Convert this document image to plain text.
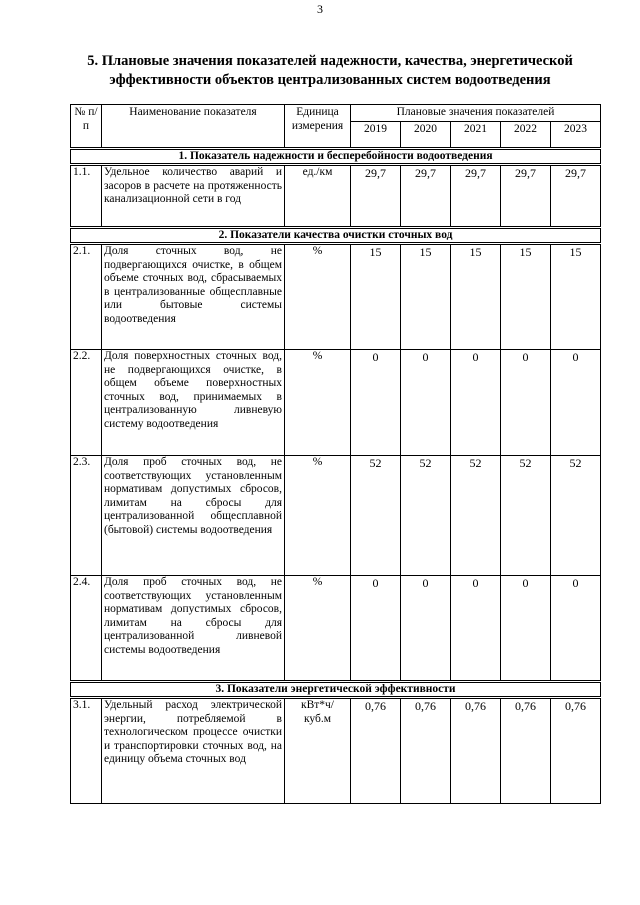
3
5. Плановые значения показателей надежности, качества, энергетической эффективности объектов централизованных систем водоотведения
№ п/п	Наименование показателя	Единица измерения	Плановые значения показателей				
			2019	2020	2021	2022	2023
1. Показатель надежности и бесперебойности водоотведения							
1.1.	Удельное количество аварий и засоров в расчете на протяженность канализационной сети в год	ед./км	29,7	29,7	29,7	29,7	29,7
2. Показатели качества очистки сточных вод							
2.1.	Доля сточных вод, не подвергающихся очистке, в общем объеме сточных вод, сбрасываемых в централизованные общесплавные или бытовые системы водоотведения	%	15	15	15	15	15
2.2.	Доля поверхностных сточных вод, не подвергающихся очистке, в общем объеме поверхностных сточных вод, принимаемых в централизованную ливневую систему водоотведения	%	0	0	0	0	0
2.3.	Доля проб сточных вод, не соответствующих установленным нормативам допустимых сбросов, лимитам на сбросы для централизованной общесплавной (бытовой) системы водоотведения	%	52	52	52	52	52
2.4.	Доля проб сточных вод, не соответствующих установленным нормативам допустимых сбросов, лимитам на сбросы для централизованной ливневой системы водоотведения	%	0	0	0	0	0
3. Показатели энергетической эффективности							
3.1.	Удельный расход электрической энергии, потребляемой в технологическом процессе очистки и транспортировки сточных вод, на единицу объема сточных вод	кВт*ч/ куб.м	0,76	0,76	0,76	0,76	0,76
